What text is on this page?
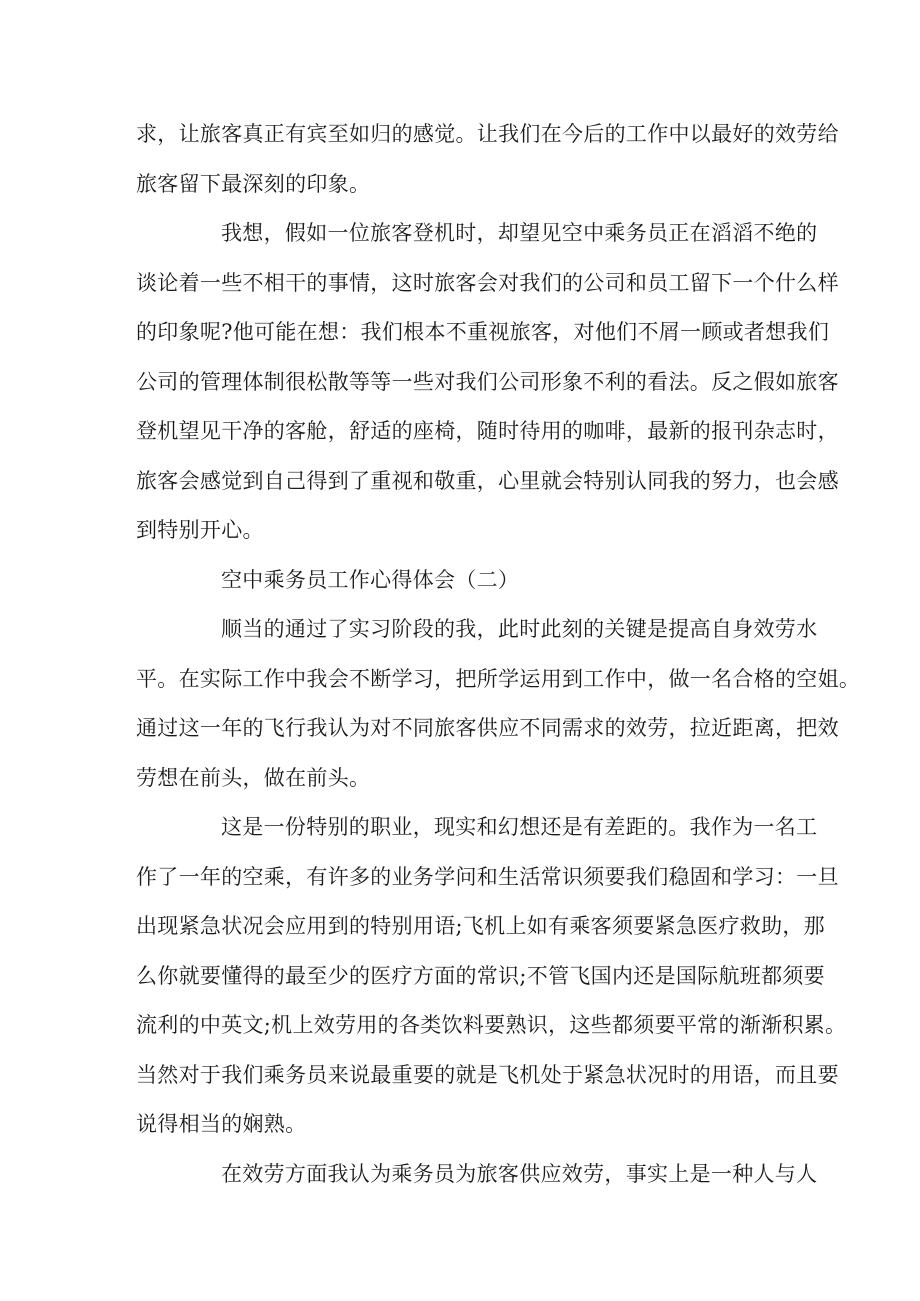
求，让旅客真正有宾至如归的感觉。让我们在今后的工作中以最好的效劳给
旅客留下最深刻的印象。
我想，假如一位旅客登机时，却望见空中乘务员正在滔滔不绝的
谈论着一些不相干的事情，这时旅客会对我们的公司和员工留下一个什么样
的印象呢?他可能在想：我们根本不重视旅客，对他们不屑一顾或者想我们
公司的管理体制很松散等等一些对我们公司形象不利的看法。反之假如旅客
登机望见干净的客舱，舒适的座椅，随时待用的咖啡，最新的报刊杂志时，
旅客会感觉到自己得到了重视和敬重，心里就会特别认同我的努力，也会感
到特别开心。
空中乘务员工作心得体会（二）
顺当的通过了实习阶段的我，此时此刻的关键是提高自身效劳水
平。在实际工作中我会不断学习，把所学运用到工作中，做一名合格的空姐。
通过这一年的飞行我认为对不同旅客供应不同需求的效劳，拉近距离，把效
劳想在前头，做在前头。
这是一份特别的职业，现实和幻想还是有差距的。我作为一名工
作了一年的空乘，有许多的业务学问和生活常识须要我们稳固和学习：一旦
出现紧急状况会应用到的特别用语;飞机上如有乘客须要紧急医疗救助，那
么你就要懂得的最至少的医疗方面的常识;不管飞国内还是国际航班都须要
流利的中英文;机上效劳用的各类饮料要熟识，这些都须要平常的渐渐积累。
当然对于我们乘务员来说最重要的就是飞机处于紧急状况时的用语，而且要
说得相当的娴熟。
在效劳方面我认为乘务员为旅客供应效劳，事实上是一种人与人
